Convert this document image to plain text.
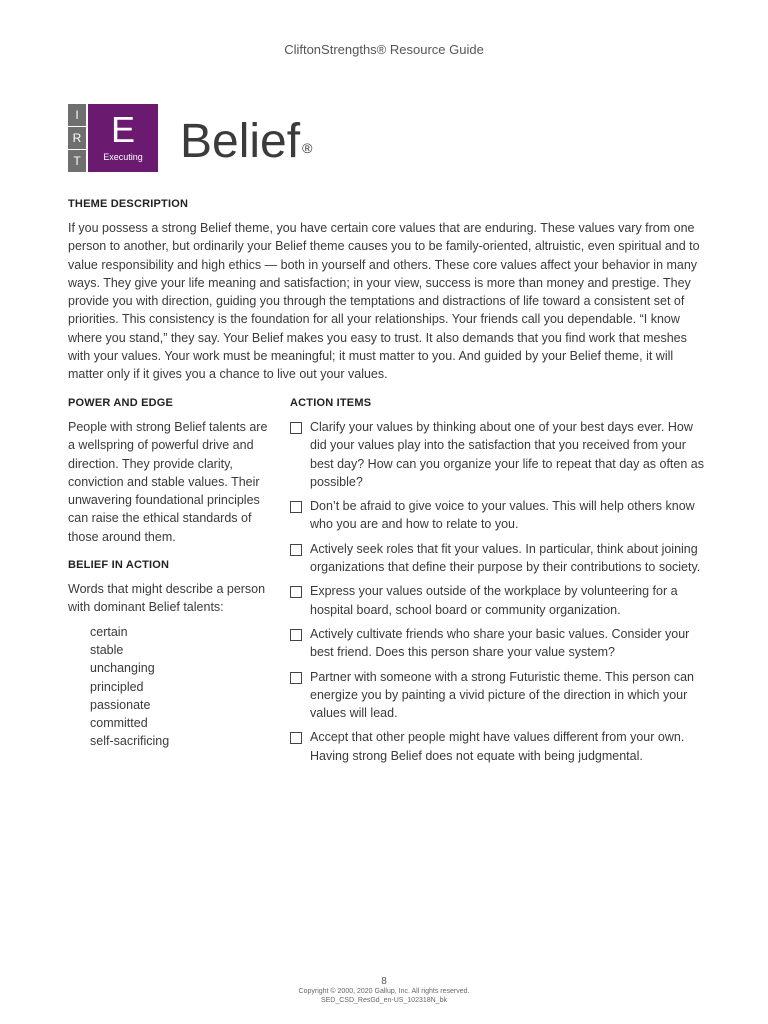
CliftonStrengths® Resource Guide
I
R
T
E
Executing Belief ®
THEME DESCRIPTION

If you possess a strong Belief theme, you have certain core values that are enduring. These values vary from one person to another, but ordinarily your Belief theme causes you to be family-oriented, altruistic, even spiritual and to value responsibility and high ethics — both in yourself and others. These core values affect your behavior in many ways. They give your life meaning and satisfaction; in your view, success is more than money and prestige. They provide you with direction, guiding you through the temptations and distractions of life toward a consistent set of priorities. This consistency is the foundation for all your relationships. Your friends call you dependable. “I know where you stand,” they say. Your Belief makes you easy to trust. It also demands that you find work that meshes with your values. Your work must be meaningful; it must matter to you. And guided by your Belief theme, it will matter only if it gives you a chance to live out your values.

POWER AND EDGE

People with strong Belief talents are a wellspring of powerful drive and direction. They provide clarity, conviction and stable values. Their unwavering foundational principles can raise the ethical standards of those around them.

BELIEF IN ACTION

Words that might describe a person with dominant Belief talents:

certain
stable
unchanging
principled
passionate
committed
self-sacrificing
ACTION ITEMS
Clarify your values by thinking about one of your best days ever. How did your values play into the satisfaction that you received from your best day? How can you organize your life to repeat that day as often as possible?
Don’t be afraid to give voice to your values. This will help others know who you are and how to relate to you.
Actively seek roles that fit your values. In particular, think about joining organizations that define their purpose by their contributions to society.
Express your values outside of the workplace by volunteering for a hospital board, school board or community organization.
Actively cultivate friends who share your basic values. Consider your best friend. Does this person share your value system?
Partner with someone with a strong Futuristic theme. This person can energize you by painting a vivid picture of the direction in which your values will lead.
Accept that other people might have values different from your own. Having strong Belief does not equate with being judgmental.
8
Copyright © 2000, 2020 Gallup, Inc. All rights reserved.
SED_CSD_ResGd_en-US_102318N_bk
